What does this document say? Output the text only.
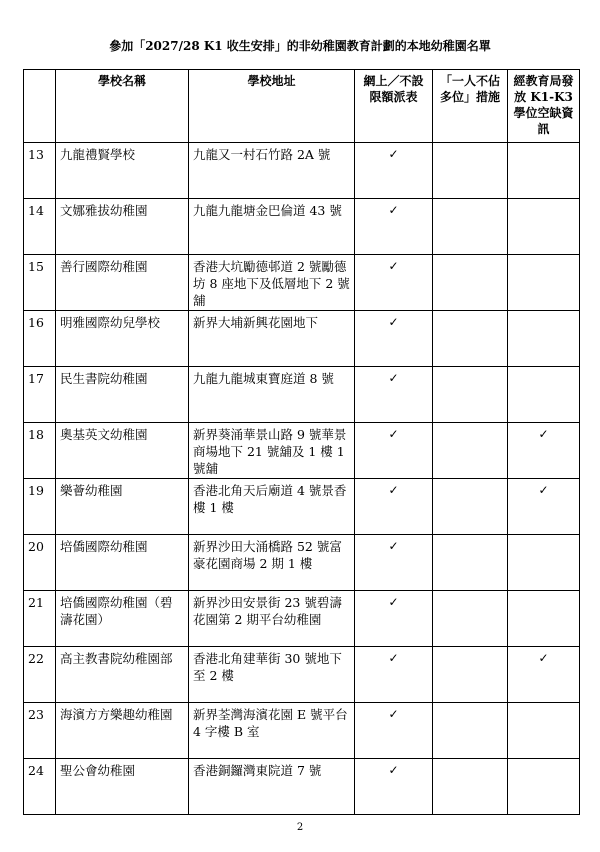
參加「2027/28 K1 收生安排」的非幼稚園教育計劃的本地幼稚園名單
	學校名稱	學校地址	網上／不設限額派表	「一人不佔多位」措施	經教育局發放 K1-K3 學位空缺資訊
13	九龍禮賢學校	九龍又一村石竹路 2A 號	✓		
14	文娜雅拔幼稚園	九龍九龍塘金巴倫道 43 號	✓		
15	善行國際幼稚園	香港大坑勵德邨道 2 號勵德坊 8 座地下及低層地下 2 號舖	✓		
16	明雅國際幼兒學校	新界大埔新興花園地下	✓		
17	民生書院幼稚園	九龍九龍城東寶庭道 8 號	✓		
18	奧基英文幼稚園	新界葵涌華景山路 9 號華景商場地下 21 號舖及 1 樓 1 號舖	✓		✓
19	樂薈幼稚園	香港北角天后廟道 4 號景香樓 1 樓	✓		✓
20	培僑國際幼稚園	新界沙田大涌橋路 52 號富豪花園商場 2 期 1 樓	✓		
21	培僑國際幼稚園（碧濤花園）	新界沙田安景街 23 號碧濤花園第 2 期平台幼稚園	✓		
22	高主教書院幼稚園部	香港北角建華街 30 號地下至 2 樓	✓		✓
23	海濱方方樂趣幼稚園	新界荃灣海濱花園 E 號平台 4 字樓 B 室	✓		
24	聖公會幼稚園	香港銅鑼灣東院道 7 號	✓		
2
